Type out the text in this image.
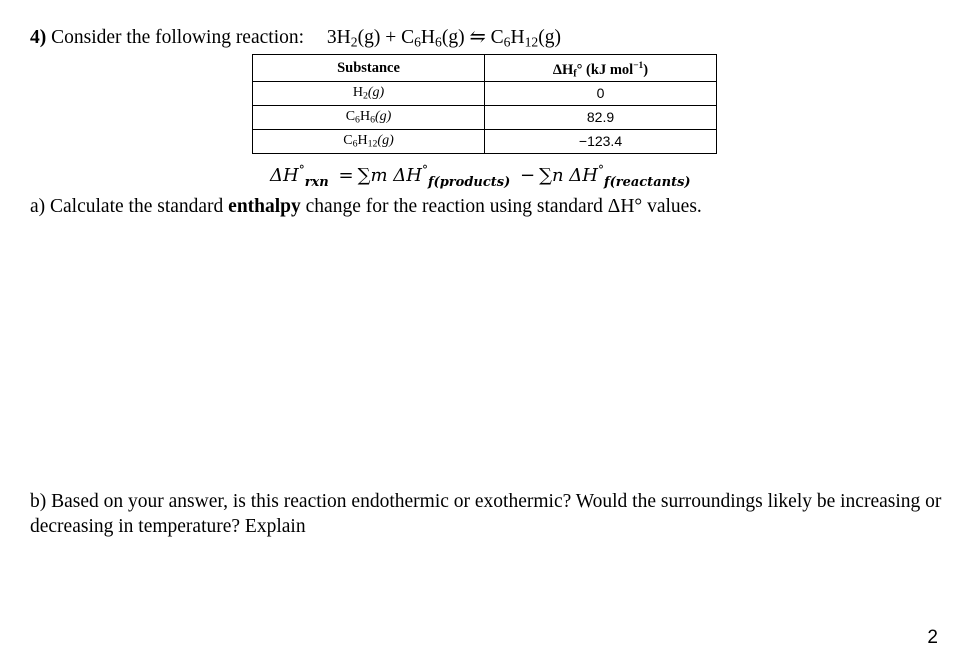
4) Consider the following reaction: $3H_2(g) + C_6H_6(g)$ ⇋ $C_6H_{12}(g)$
Substance	$\Delta H_f^\circ$ (kJ mol$^{-1}$)
$H_2(g)$	0
$C_6H_6(g)$	82.9
$C_6H_{12}(g)$	−123.4
$\Delta H^\circ_{rxn} = \sum m$ $\Delta H^\circ_{f(products)} - \sum n$ $\Delta H^\circ_{f(reactants)}$
a) Calculate the standard enthalpy change for the reaction using standard ΔH° values.
b) Based on your answer, is this reaction endothermic or exothermic? Would the surroundings likely be increasing or decreasing in temperature? Explain
2
